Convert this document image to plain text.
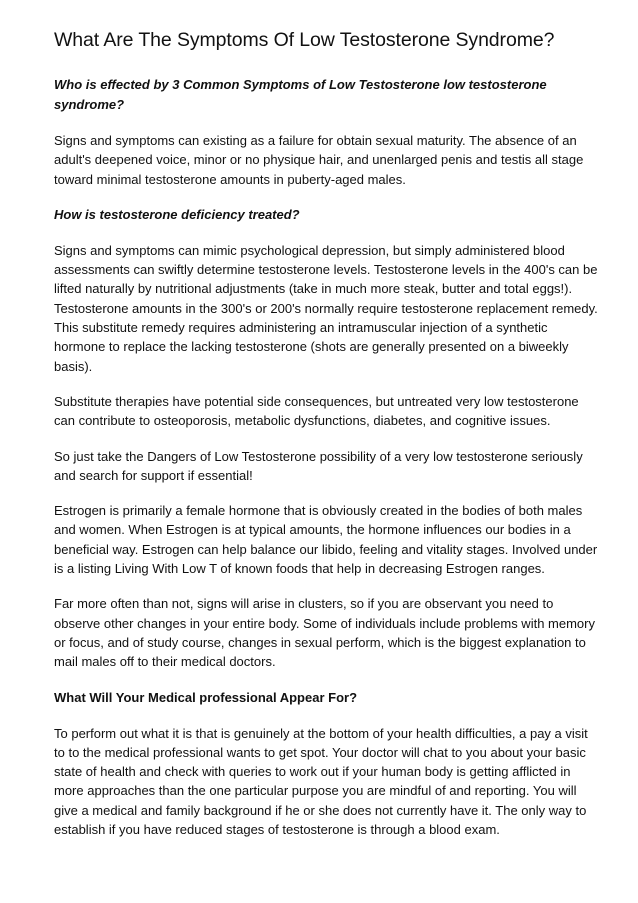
What Are The Symptoms Of Low Testosterone Syndrome?
Who is effected by 3 Common Symptoms of Low Testosterone low testosterone syndrome?

Signs and symptoms can existing as a failure for obtain sexual maturity. The absence of an adult's deepened voice, minor or no physique hair, and unenlarged penis and testis all stage toward minimal testosterone amounts in puberty-aged males.

How is testosterone deficiency treated?

Signs and symptoms can mimic psychological depression, but simply administered blood assessments can swiftly determine testosterone levels. Testosterone levels in the 400's can be lifted naturally by nutritional adjustments (take in much more steak, butter and total eggs!). Testosterone amounts in the 300's or 200's normally require testosterone replacement remedy. This substitute remedy requires administering an intramuscular injection of a synthetic hormone to replace the lacking testosterone (shots are generally presented on a biweekly basis).

Substitute therapies have potential side consequences, but untreated very low testosterone can contribute to osteoporosis, metabolic dysfunctions, diabetes, and cognitive issues.

So just take the Dangers of Low Testosterone possibility of a very low testosterone seriously and search for support if essential!

Estrogen is primarily a female hormone that is obviously created in the bodies of both males and women. When Estrogen is at typical amounts, the hormone influences our bodies in a beneficial way. Estrogen can help balance our libido, feeling and vitality stages. Involved under is a listing Living With Low T of known foods that help in decreasing Estrogen ranges.

Far more often than not, signs will arise in clusters, so if you are observant you need to observe other changes in your entire body. Some of individuals include problems with memory or focus, and of study course, changes in sexual perform, which is the biggest explanation to mail males off to their medical doctors.

What Will Your Medical professional Appear For?

To perform out what it is that is genuinely at the bottom of your health difficulties, a pay a visit to to the medical professional wants to get spot. Your doctor will chat to you about your basic state of health and check with queries to work out if your human body is getting afflicted in more approaches than the one particular purpose you are mindful of and reporting. You will give a medical and family background if he or she does not currently have it. The only way to establish if you have reduced stages of testosterone is through a blood exam.
